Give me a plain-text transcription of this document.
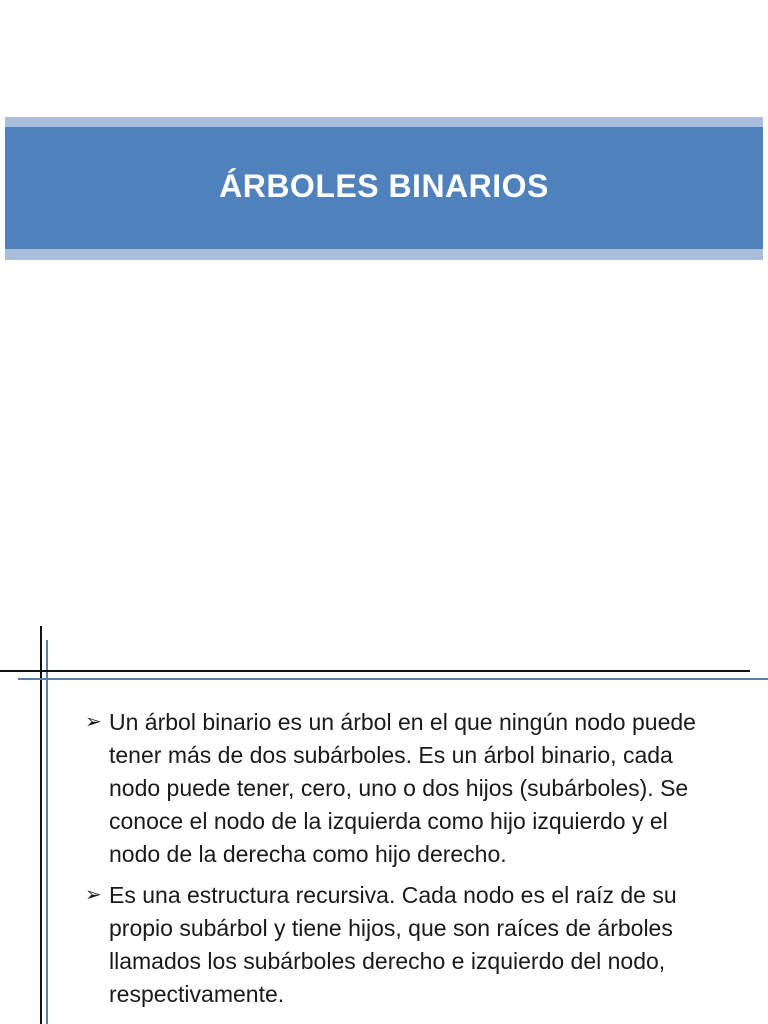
ÁRBOLES BINARIOS
➢ Un árbol binario es un árbol en el que ningún nodo puede tener más de dos subárboles. Es un árbol binario, cada nodo puede tener, cero, uno o dos hijos (subárboles). Se conoce el nodo de la izquierda como hijo izquierdo y el nodo de la derecha como hijo derecho.
➢ Es una estructura recursiva. Cada nodo es el raíz de su propio subárbol y tiene hijos, que son raíces de árboles llamados los subárboles derecho e izquierdo del nodo, respectivamente.
